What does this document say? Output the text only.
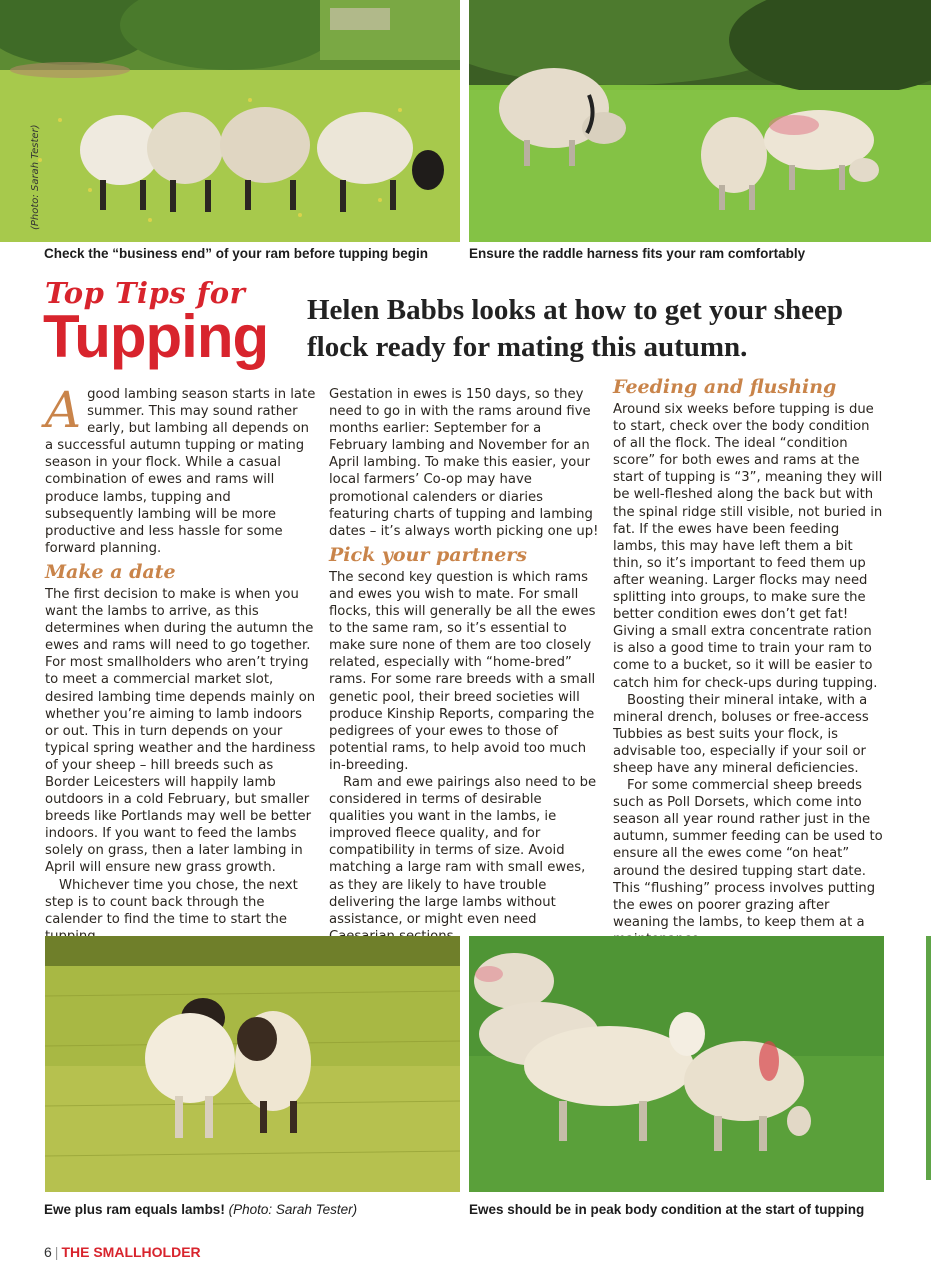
(Photo: Sarah Tester)
Check the “business end” of your ram before tupping begin	Ensure the raddle harness fits your ram comfortably
Top Tips for
Tupping Helen Babbs looks at how to get your sheep flock ready for mating this autumn.

Agood lambing season starts in late summer. This may sound rather early, but lambing all depends on a successful autumn tupping or mating season in your flock. While a casual combination of ewes and rams will produce lambs, tupping and subsequently lambing will be more productive and less hassle for some forward planning.

Make a date

The first decision to make is when you want the lambs to arrive, as this determines when during the autumn the ewes and rams will need to go together. For most smallholders who aren’t trying to meet a commercial market slot, desired lambing time depends mainly on whether you’re aiming to lamb indoors or out. This in turn depends on your typical spring weather and the hardiness of your sheep – hill breeds such as Border Leicesters will happily lamb outdoors in a cold February, but smaller breeds like Portlands may well be better indoors. If you want to feed the lambs solely on grass, then a later lambing in April will ensure new grass growth.

Whichever time you chose, the next step is to count back through the calender to find the time to start the

Gestation in ewes is 150 days, so they need to go in with the rams around five months earlier: September for a February lambing and November for an April lambing. To make this easier, your local farmers’ Co-op may have promotional calenders or diaries featuring charts of tupping and lambing dates – it’s always worth picking one up!

Pick your partners

The second key question is which rams and ewes you wish to mate. For small flocks, this will generally be all the ewes to the same ram, so it’s essential to make sure none of them are too closely related, especially with “home-bred” rams. For some rare breeds with a small genetic pool, their breed societies will produce Kinship Reports, comparing the pedigrees of your ewes to those of potential rams, to help avoid too much in-breeding.

Ram and ewe pairings also need to be considered in terms of desirable qualities you want in the lambs, ie improved fleece quality, and for compatibility in terms of size. Avoid matching a large ram with small ewes, as they are likely to have trouble delivering the large lambs without assistance, or might even need

Feeding and flushing

Around six weeks before tupping is due to start, check over the body condition of all the flock. The ideal “condition score” for both ewes and rams at the start of tupping is “3”, meaning they will be well-fleshed along the back but with the spinal ridge still visible, not buried in fat. If the ewes have been feeding lambs, this may have left them a bit thin, so it’s important to feed them up after weaning. Larger flocks may need splitting into groups, to make sure the better condition ewes don’t get fat! Giving a small extra concentrate ration is also a good time to train your ram to come to a bucket, so it will be easier to catch him for check-ups during tupping.

Boosting their mineral intake, with a mineral drench, boluses or free-access Tubbies as best suits your flock, is advisable too, especially if your soil or sheep have any mineral deficiencies.

For some commercial sheep breeds such as Poll Dorsets, which come into season all year round rather just in the autumn, summer feeding can be used to ensure all the ewes come “on heat” around the desired tupping start date. This “flushing” process involves putting the ewes on poorer grazing after weaning the lambs, to keep them at a

Ewe plus ram equals lambs! (Photo: Sarah Tester)	Ewes should be in peak body condition at the start of tupping
6 | THE SMALLHOLDER
